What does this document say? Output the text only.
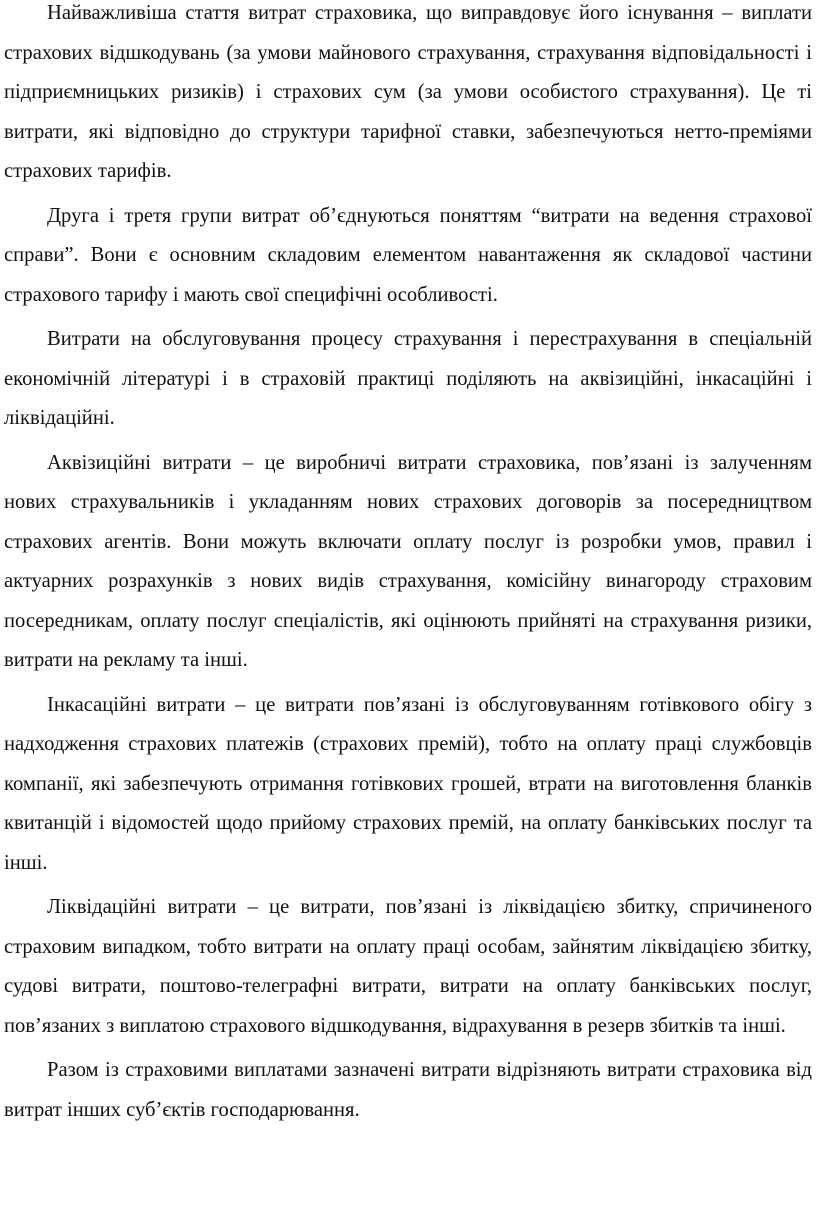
Найважливіша стаття витрат страховика, що виправдовує його існування – виплати страхових відшкодувань (за умови майнового страхування, страхування відповідальності і підприємницьких ризиків) і страхових сум (за умови особистого страхування). Це ті витрати, які відповідно до структури тарифної ставки, забезпечуються нетто-преміями страхових тарифів.

Друга і третя групи витрат об’єднуються поняттям “витрати на ведення страхової справи”. Вони є основним складовим елементом навантаження як складової частини страхового тарифу і мають свої специфічні особливості.

Витрати на обслуговування процесу страхування і перестрахування в спеціальній економічній літературі і в страховій практиці поділяють на аквізиційні, інкасаційні і ліквідаційні.

Аквізиційні витрати – це виробничі витрати страховика, пов’язані із залученням нових страхувальників і укладанням нових страхових договорів за посередництвом страхових агентів. Вони можуть включати оплату послуг із розробки умов, правил і актуарних розрахунків з нових видів страхування, комісійну винагороду страховим посередникам, оплату послуг спеціалістів, які оцінюють прийняті на страхування ризики, витрати на рекламу та інші.

Інкасаційні витрати – це витрати пов’язані із обслуговуванням готівкового обігу з надходження страхових платежів (страхових премій), тобто на оплату праці службовців компанії, які забезпечують отримання готівкових грошей, втрати на виготовлення бланків квитанцій і відомостей щодо прийому страхових премій, на оплату банківських послуг та інші.

Ліквідаційні витрати – це витрати, пов’язані із ліквідацією збитку, спричиненого страховим випадком, тобто витрати на оплату праці особам, зайнятим ліквідацією збитку, судові витрати, поштово-телеграфні витрати, витрати на оплату банківських послуг, пов’язаних з виплатою страхового відшкодування, відрахування в резерв збитків та інші.

Разом із страховими виплатами зазначені витрати відрізняють витрати страховика від витрат інших суб’єктів господарювання.
